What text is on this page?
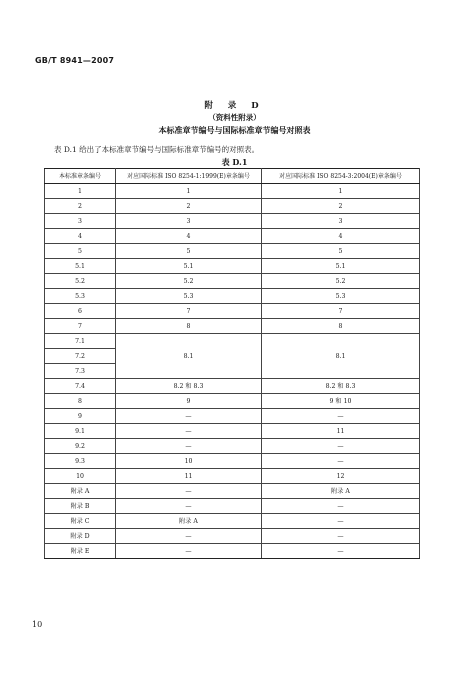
GB/T 8941—2007
附 录 D
（资料性附录）
本标准章节编号与国际标准章节编号对照表
表 D.1 给出了本标准章节编号与国际标准章节编号的对照表。
表 D.1
本标准章条编号	对应国际标准 ISO 8254-1:1999(E)章条编号	对应国际标准 ISO 8254-3:2004(E)章条编号
1	1	1
2	2	2
3	3	3
4	4	4
5	5	5
5.1	5.1	5.1
5.2	5.2	5.2
5.3	5.3	5.3
6	7	7
7	8	8
7.1	8.1	8.1
7.2		
7.3		
7.4	8.2 和 8.3	8.2 和 8.3
8	9	9 和 10
9	—	—
9.1	—	11
9.2	—	—
9.3	10	—
10	11	12
附录 A	—	附录 A
附录 B	—	—
附录 C	附录 A	—
附录 D	—	—
附录 E	—	—
10
